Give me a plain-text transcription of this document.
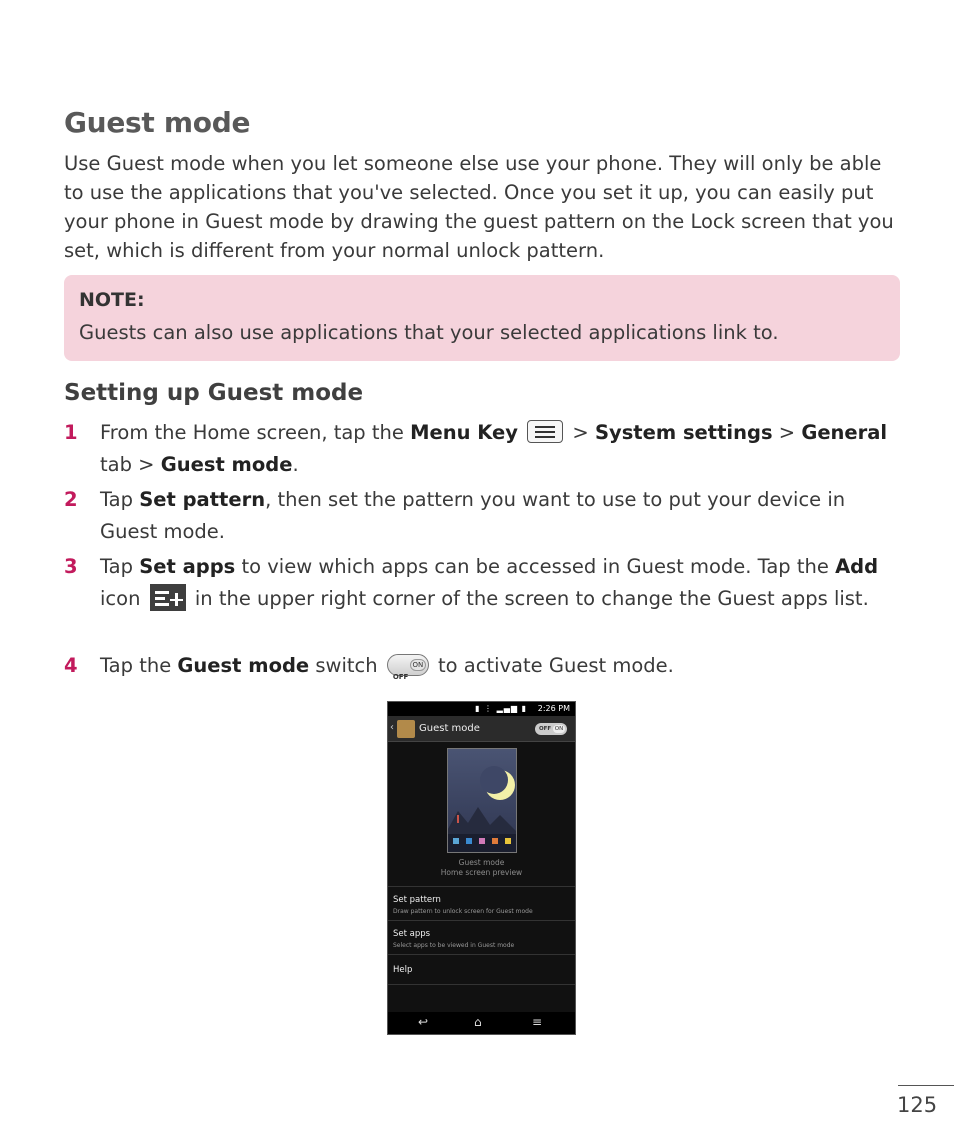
Guest mode
Use Guest mode when you let someone else use your phone. They will only be able to use the applications that you've selected. Once you set it up, you can easily put your phone in Guest mode by drawing the guest pattern on the Lock screen that you set, which is different from your normal unlock pattern.
NOTE:
Guests can also use applications that your selected applications link to.
Setting up Guest mode
1 From the Home screen, tap the Menu Key
> System settings > General tab > Guest mode.
2 Tap Set pattern, then set the pattern you want to use to put your device in Guest mode.
3 Tap Set apps to view which apps can be accessed in Guest mode. Tap the Add icon
in the upper right corner of the screen to change the Guest apps list.
4 Tap the Guest mode switch OFF
ON to activate Guest mode.
▮ ⋮ ▂▄▆ ▮ 2:26 PM
‹	Guest mode	OFF ON
Guest mode
Home screen preview
Set pattern
Draw pattern to unlock screen for Guest mode
Set apps
Select apps to be viewed in Guest mode
Help
↩	⌂	≡
125
